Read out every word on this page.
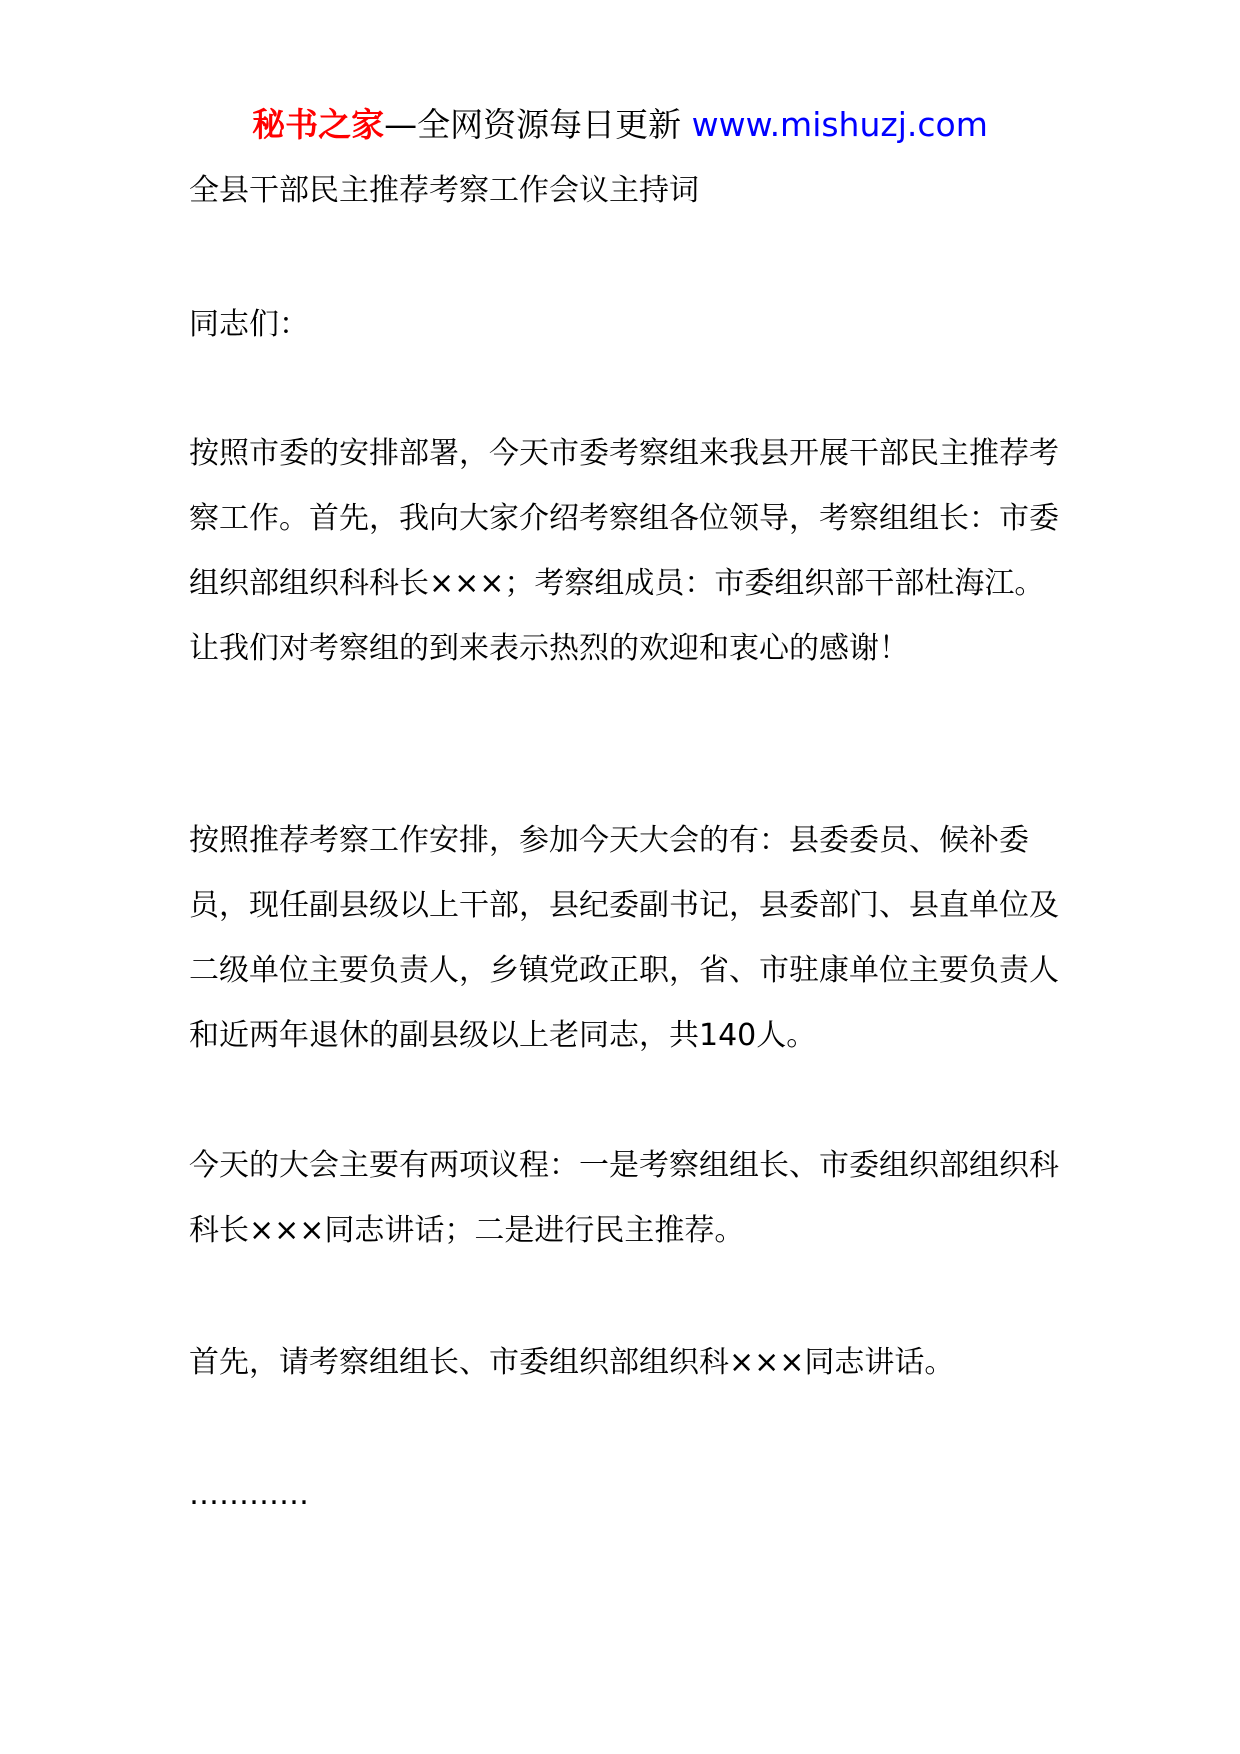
秘书之家—全网资源每日更新 www.mishuzj.com
全县干部民主推荐考察工作会议主持词

同志们：

按照市委的安排部署，今天市委考察组来我县开展干部民主推荐考察工作。首先，我向大家介绍考察组各位领导，考察组组长：市委组织部组织科科长×××；考察组成员：市委组织部干部杜海江。让我们对考察组的到来表示热烈的欢迎和衷心的感谢！

按照推荐考察工作安排，参加今天大会的有：县委委员、候补委员，现任副县级以上干部，县纪委副书记，县委部门、县直单位及二级单位主要负责人，乡镇党政正职，省、市驻康单位主要负责人和近两年退休的副县级以上老同志，共140人。

今天的大会主要有两项议程：一是考察组组长、市委组织部组织科科长×××同志讲话；二是进行民主推荐。

首先，请考察组组长、市委组织部组织科×××同志讲话。

…………
